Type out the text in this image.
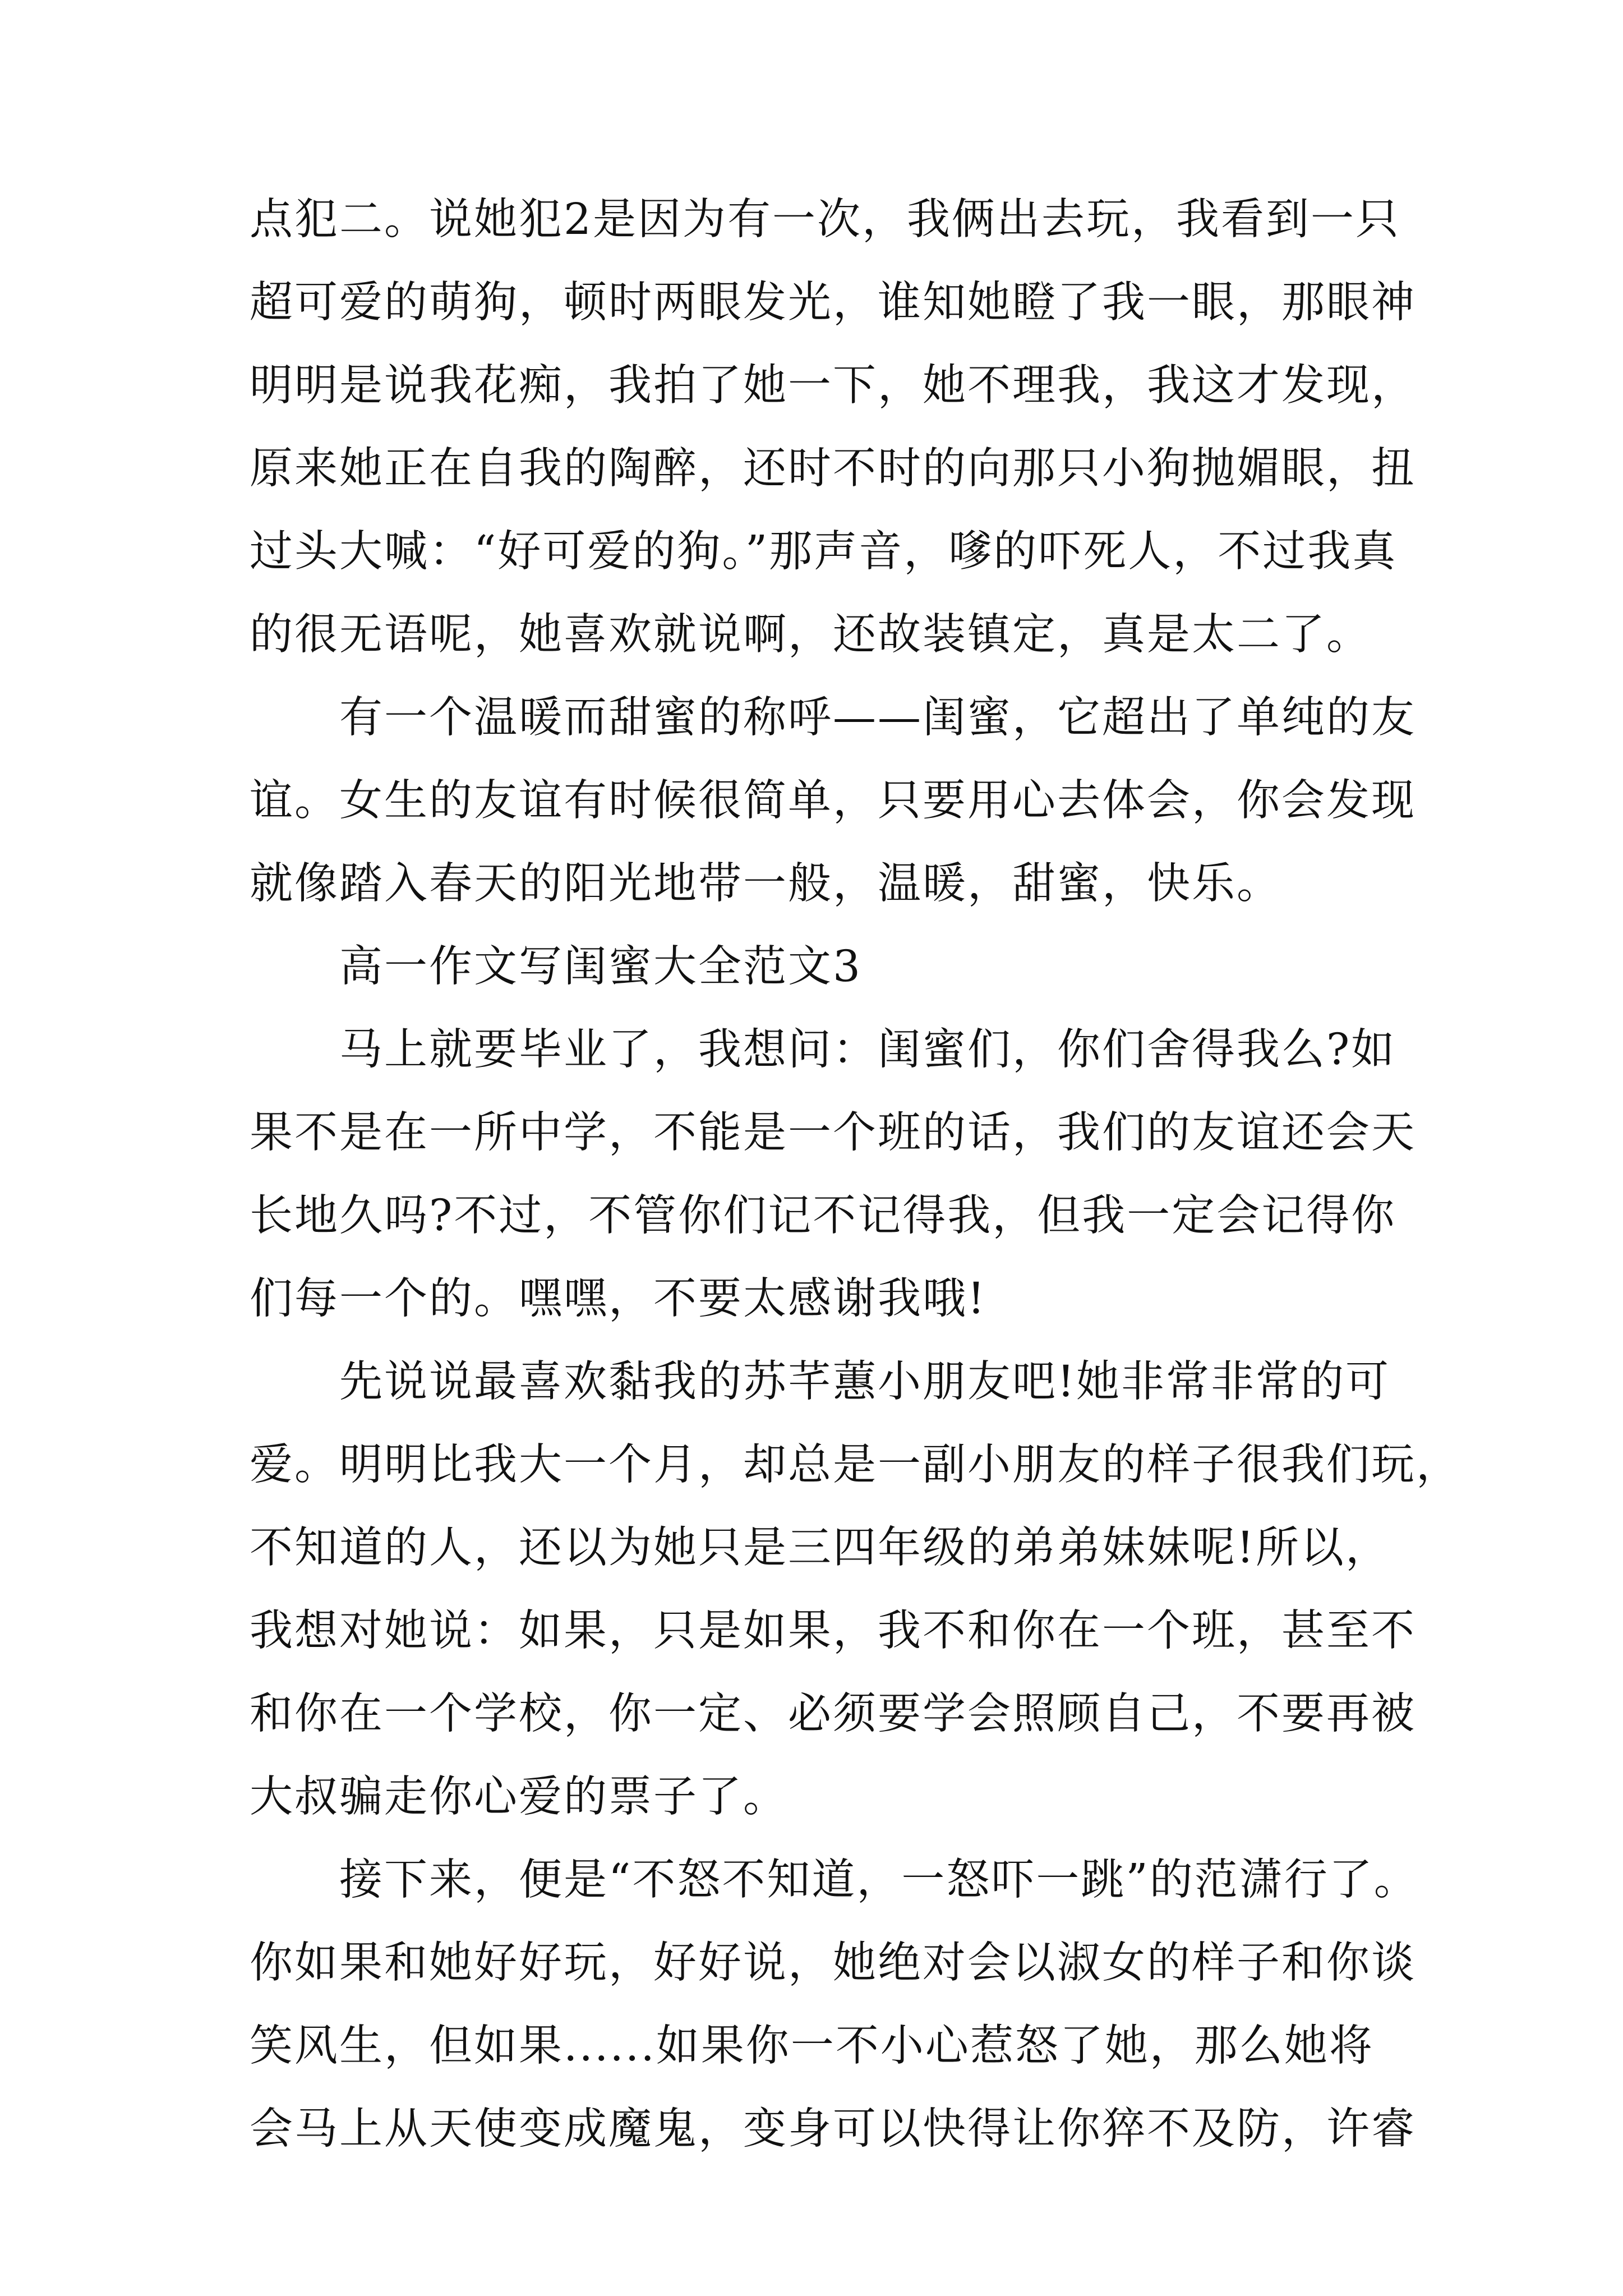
点犯二。说她犯2是因为有一次，我俩出去玩，我看到一只
超可爱的萌狗，顿时两眼发光，谁知她瞪了我一眼，那眼神
明明是说我花痴，我拍了她一下，她不理我，我这才发现，
原来她正在自我的陶醉，还时不时的向那只小狗抛媚眼，扭
过头大喊：“好可爱的狗。”那声音，嗲的吓死人，不过我真
的很无语呢，她喜欢就说啊，还故装镇定，真是太二了。
有一个温暖而甜蜜的称呼——闺蜜，它超出了单纯的友
谊。女生的友谊有时候很简单，只要用心去体会，你会发现
就像踏入春天的阳光地带一般，温暖，甜蜜，快乐。
高一作文写闺蜜大全范文3
马上就要毕业了，我想问：闺蜜们，你们舍得我么?如
果不是在一所中学，不能是一个班的话，我们的友谊还会天
长地久吗?不过，不管你们记不记得我，但我一定会记得你
们每一个的。嘿嘿，不要太感谢我哦!
先说说最喜欢黏我的苏芊蕙小朋友吧!她非常非常的可
爱。明明比我大一个月，却总是一副小朋友的样子很我们玩，
不知道的人，还以为她只是三四年级的弟弟妹妹呢!所以，
我想对她说：如果，只是如果，我不和你在一个班，甚至不
和你在一个学校，你一定、必须要学会照顾自己，不要再被
大叔骗走你心爱的票子了。
接下来，便是“不怒不知道，一怒吓一跳”的范潇行了。
你如果和她好好玩，好好说，她绝对会以淑女的样子和你谈
笑风生，但如果......如果你一不小心惹怒了她，那么她将
会马上从天使变成魔鬼，变身可以快得让你猝不及防，许睿
